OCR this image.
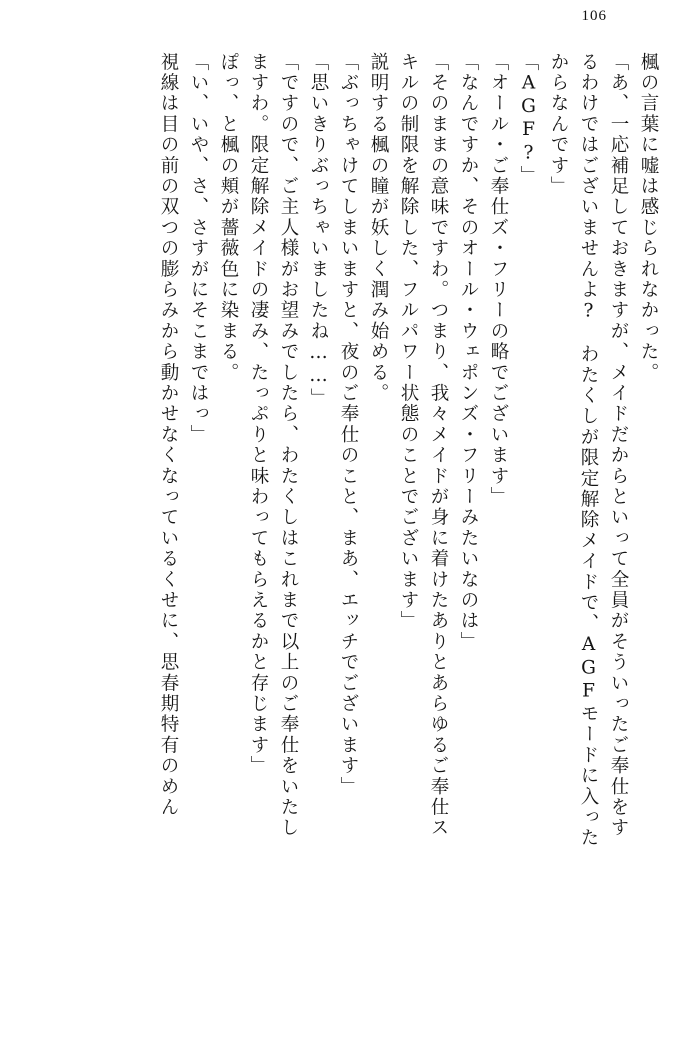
106
楓の言葉に嘘は感じられなかった。
「あ、一応補足しておきますが、メイドだからといって全員がそういったご奉仕をす
るわけではございませんよ?　わたくしが限定解除メイドで、AGFモードに入った
からなんです」
「AGF?」
「オール・ご奉仕ズ・フリーの略でございます」
「なんですか、そのオール・ウェポンズ・フリーみたいなのは」
「そのままの意味ですわ。つまり、我々メイドが身に着けたありとあらゆるご奉仕ス
キルの制限を解除した、フルパワー状態のことでございます」
説明する楓の瞳が妖しく潤み始める。
「ぶっちゃけてしまいますと、夜のご奉仕のこと、まあ、エッチでございます」
「思いきりぶっちゃいましたね……」
「ですので、ご主人様がお望みでしたら、わたくしはこれまで以上のご奉仕をいたし
ますわ。限定解除メイドの凄み、たっぷりと味わってもらえるかと存じます」
ぽっ、と楓の頬が薔薇色に染まる。
「い、いや、さ、さすがにそこまではっ」
視線は目の前の双つの膨らみから動かせなくなっているくせに、思春期特有のめん
